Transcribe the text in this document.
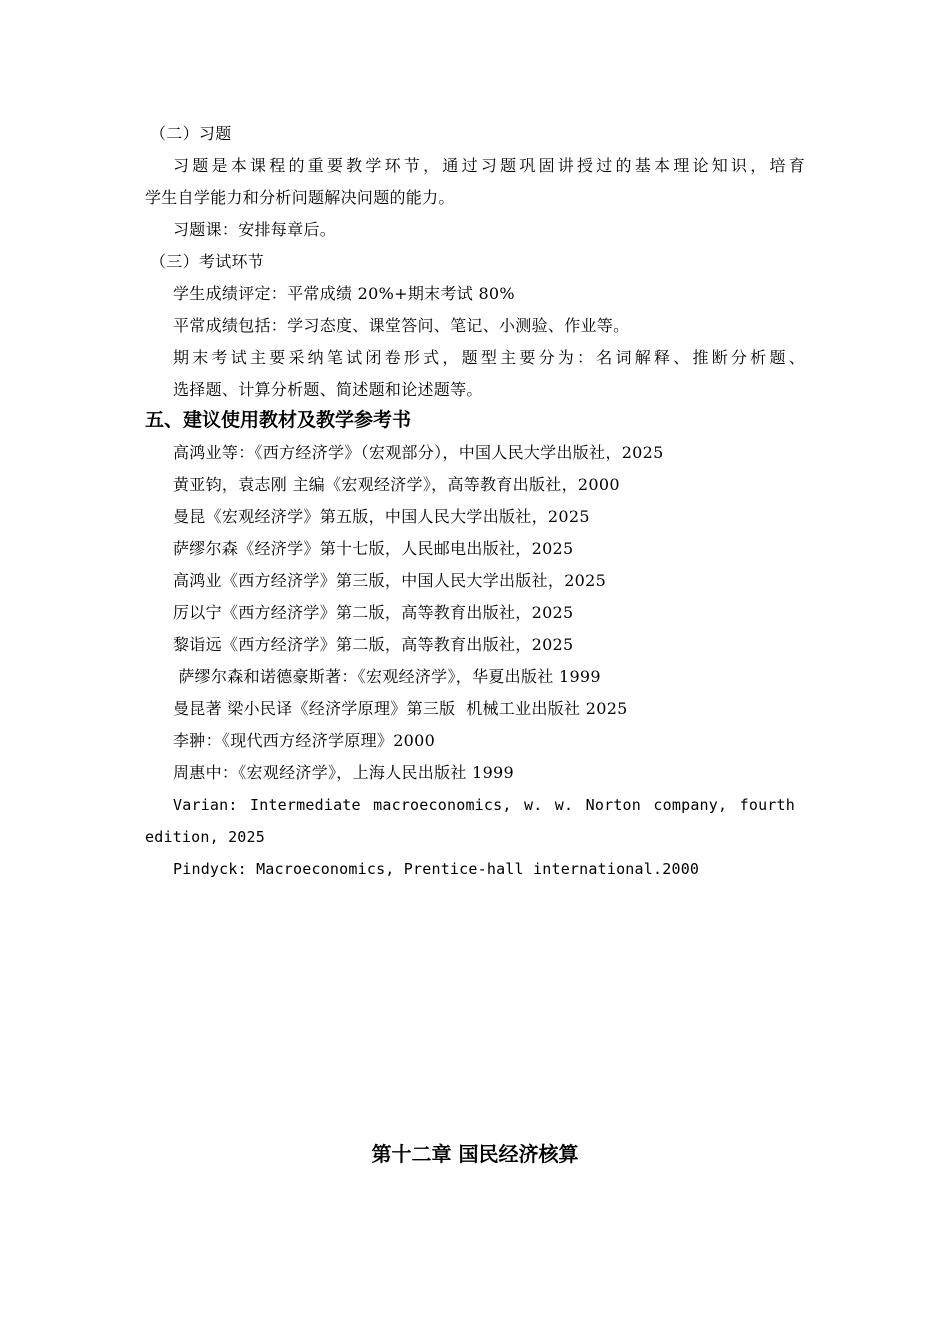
（二）习题
习题是本课程的重要教学环节，通过习题巩固讲授过的基本理论知识，培育
学生自学能力和分析问题解决问题的能力。
习题课：安排每章后。
（三）考试环节
学生成绩评定：平常成绩 20%+期末考试 80%
平常成绩包括：学习态度、课堂答问、笔记、小测验、作业等。
期末考试主要采纳笔试闭卷形式，题型主要分为：名词解释、推断分析题、
选择题、计算分析题、简述题和论述题等。
五、建议使用教材及教学参考书
高鸿业等：《西方经济学》（宏观部分），中国人民大学出版社，2025
黄亚钧，袁志刚 主编《宏观经济学》，高等教育出版社，2000
曼昆《宏观经济学》第五版，中国人民大学出版社，2025
萨缪尔森《经济学》第十七版，人民邮电出版社，2025
高鸿业《西方经济学》第三版，中国人民大学出版社，2025
厉以宁《西方经济学》第二版，高等教育出版社，2025
黎诣远《西方经济学》第二版，高等教育出版社，2025
萨缪尔森和诺德豪斯著：《宏观经济学》，华夏出版社 1999
曼昆著 梁小民译《经济学原理》第三版  机械工业出版社 2025
李翀：《现代西方经济学原理》2000
周惠中：《宏观经济学》，上海人民出版社 1999
Varian: Intermediate macroeconomics, w. w. Norton company, fourth
edition, 2025
Pindyck: Macroeconomics, Prentice-hall international.2000
第十二章 国民经济核算
